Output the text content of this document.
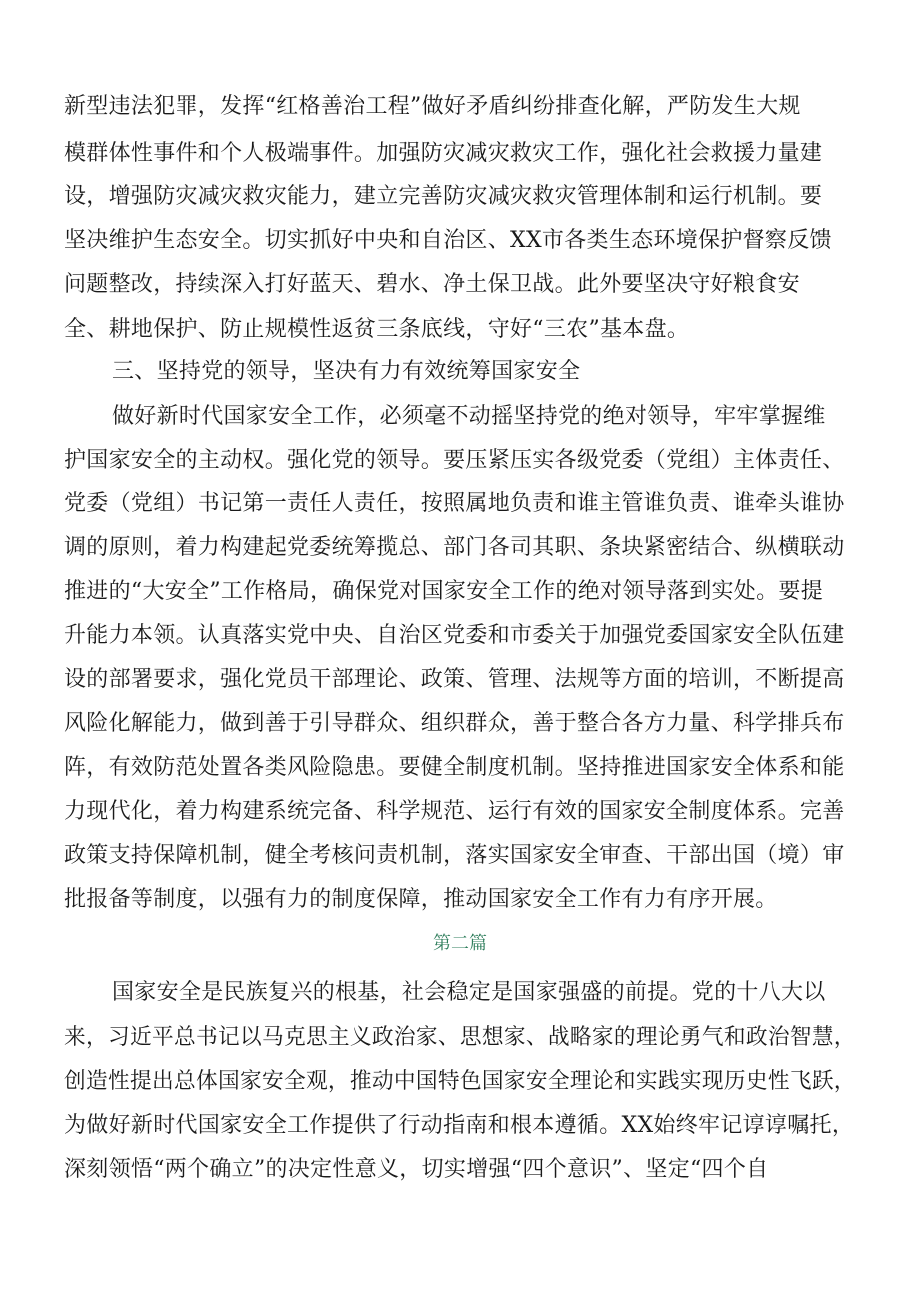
新型违法犯罪，发挥“红格善治工程”做好矛盾纠纷排查化解，严防发生大规
模群体性事件和个人极端事件。加强防灾减灾救灾工作，强化社会救援力量建
设，增强防灾减灾救灾能力，建立完善防灾减灾救灾管理体制和运行机制。要
坚决维护生态安全。切实抓好中央和自治区、XX市各类生态环境保护督察反馈
问题整改，持续深入打好蓝天、碧水、净土保卫战。此外要坚决守好粮食安
全、耕地保护、防止规模性返贫三条底线，守好“三农”基本盘。
三、坚持党的领导，坚决有力有效统筹国家安全
做好新时代国家安全工作，必须毫不动摇坚持党的绝对领导，牢牢掌握维
护国家安全的主动权。强化党的领导。要压紧压实各级党委（党组）主体责任、
党委（党组）书记第一责任人责任，按照属地负责和谁主管谁负责、谁牵头谁协
调的原则，着力构建起党委统筹揽总、部门各司其职、条块紧密结合、纵横联动
推进的“大安全”工作格局，确保党对国家安全工作的绝对领导落到实处。要提
升能力本领。认真落实党中央、自治区党委和市委关于加强党委国家安全队伍建
设的部署要求，强化党员干部理论、政策、管理、法规等方面的培训，不断提高
风险化解能力，做到善于引导群众、组织群众，善于整合各方力量、科学排兵布
阵，有效防范处置各类风险隐患。要健全制度机制。坚持推进国家安全体系和能
力现代化，着力构建系统完备、科学规范、运行有效的国家安全制度体系。完善
政策支持保障机制，健全考核问责机制，落实国家安全审查、干部出国（境）审
批报备等制度，以强有力的制度保障，推动国家安全工作有力有序开展。
第二篇
国家安全是民族复兴的根基，社会稳定是国家强盛的前提。党的十八大以
来，习近平总书记以马克思主义政治家、思想家、战略家的理论勇气和政治智慧，
创造性提出总体国家安全观，推动中国特色国家安全理论和实践实现历史性飞跃，
为做好新时代国家安全工作提供了行动指南和根本遵循。XX始终牢记谆谆嘱托，
深刻领悟“两个确立”的决定性意义，切实增强“四个意识”、坚定“四个自
